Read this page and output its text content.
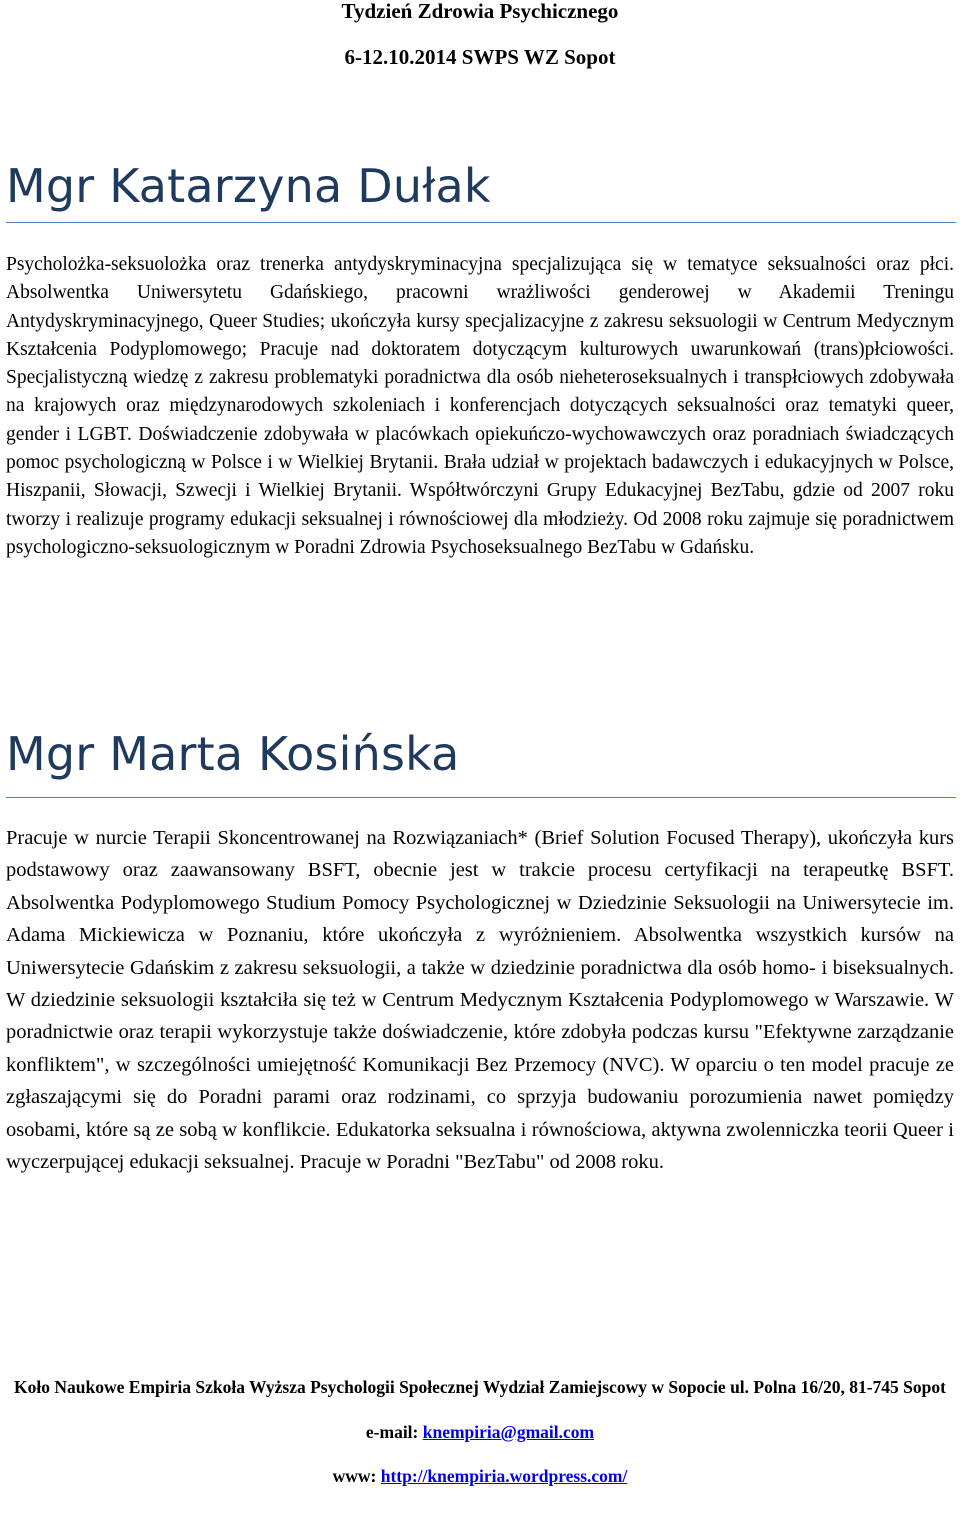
Tydzień Zdrowia Psychicznego
6-12.10.2014 SWPS WZ Sopot
Mgr Katarzyna Dułak

Psycholożka-seksuolożka oraz trenerka antydyskryminacyjna specjalizująca się w tematyce seksualności oraz płci. Absolwentka Uniwersytetu Gdańskiego, pracowni wrażliwości genderowej w Akademii Treningu Antydyskryminacyjnego, Queer Studies; ukończyła kursy specjalizacyjne z zakresu seksuologii w Centrum Medycznym Kształcenia Podyplomowego; Pracuje nad doktoratem dotyczącym kulturowych uwarunkowań (trans)płciowości. Specjalistyczną wiedzę z zakresu problematyki poradnictwa dla osób nieheteroseksualnych i transpłciowych zdobywała na krajowych oraz międzynarodowych szkoleniach i konferencjach dotyczących seksualności oraz tematyki queer, gender i LGBT. Doświadczenie zdobywała w placówkach opiekuńczo-wychowawczych oraz poradniach świadczących pomoc psychologiczną w Polsce i w Wielkiej Brytanii. Brała udział w projektach badawczych i edukacyjnych w Polsce, Hiszpanii, Słowacji, Szwecji i Wielkiej Brytanii. Współtwórczyni Grupy Edukacyjnej BezTabu, gdzie od 2007 roku tworzy i realizuje programy edukacji seksualnej i równościowej dla młodzieży. Od 2008 roku zajmuje się poradnictwem psychologiczno-seksuologicznym w Poradni Zdrowia Psychoseksualnego BezTabu w Gdańsku.

Mgr Marta Kosińska

Pracuje w nurcie Terapii Skoncentrowanej na Rozwiązaniach* (Brief Solution Focused Therapy), ukończyła kurs podstawowy oraz zaawansowany BSFT, obecnie jest w trakcie procesu certyfikacji na terapeutkę BSFT. Absolwentka Podyplomowego Studium Pomocy Psychologicznej w Dziedzinie Seksuologii na Uniwersytecie im. Adama Mickiewicza w Poznaniu, które ukończyła z wyróżnieniem. Absolwentka wszystkich kursów na Uniwersytecie Gdańskim z zakresu seksuologii, a także w dziedzinie poradnictwa dla osób homo- i biseksualnych. W dziedzinie seksuologii kształciła się też w Centrum Medycznym Kształcenia Podyplomowego w Warszawie. W poradnictwie oraz terapii wykorzystuje także doświadczenie, które zdobyła podczas kursu "Efektywne zarządzanie konfliktem", w szczególności umiejętność Komunikacji Bez Przemocy (NVC). W oparciu o ten model pracuje ze zgłaszającymi się do Poradni parami oraz rodzinami, co sprzyja budowaniu porozumienia nawet pomiędzy osobami, które są ze sobą w konflikcie. Edukatorka seksualna i równościowa, aktywna zwolenniczka teorii Queer i wyczerpującej edukacji seksualnej. Pracuje w Poradni "BezTabu" od 2008 roku.

Koło Naukowe Empiria Szkoła Wyższa Psychologii Społecznej Wydział Zamiejscowy w Sopocie ul. Polna 16/20, 81-745 Sopot
e-mail: knempiria@gmail.com
www: http://knempiria.wordpress.com/
